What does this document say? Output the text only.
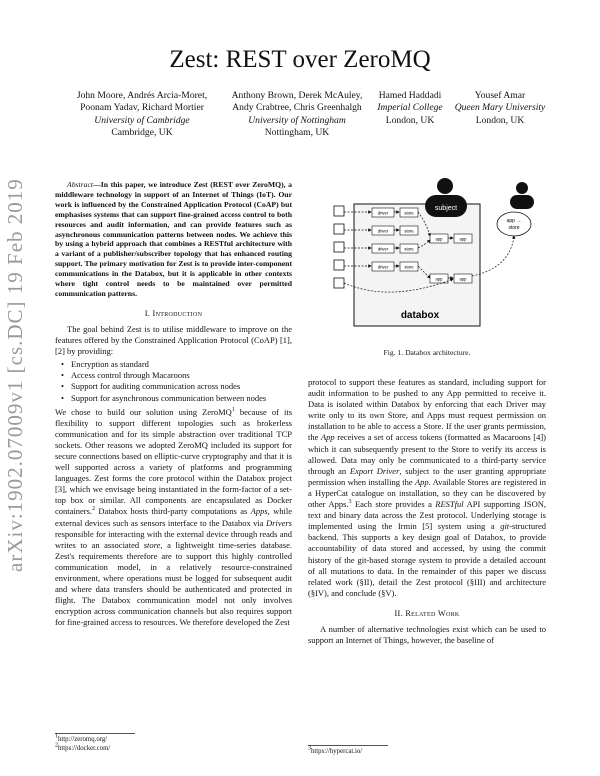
arXiv:1902.07009v1 [cs.DC] 19 Feb 2019
Zest: REST over ZeroMQ
John Moore, Andrés Arcia-Moret,
Poonam Yadav, Richard Mortier
University of Cambridge
Cambridge, UK
Anthony Brown, Derek McAuley,
Andy Crabtree, Chris Greenhalgh
University of Nottingham
Nottingham, UK
Hamed Haddadi
Imperial College
London, UK
Yousef Amar
Queen Mary University
London, UK

Abstract—In this paper, we introduce Zest (REST over ZeroMQ), a middleware technology in support of an Internet of Things (IoT). Our work is influenced by the Constrained Application Protocol (CoAP) but emphasises systems that can support fine-grained access control to both resources and audit information, and can provide features such as asynchronous communication patterns between nodes. We achieve this by using a hybrid approach that combines a RESTful architecture with a variant of a publisher/subscriber topology that has enhanced routing support. The primary motivation for Zest is to provide inter-component communications in the Databox, but it is applicable in other contexts where tight control needs to be maintained over permitted communication patterns.

I. Introduction

The goal behind Zest is to utilise middleware to improve on the features offered by the Constrained Application Protocol (CoAP) [1], [2] by providing:

• Encryption as standard
• Access control through Macaroons
• Support for auditing communication across nodes
• Support for asynchronous communication between nodes

We chose to build our solution using ZeroMQ$^1$ because of its flexibility to support different topologies such as brokerless communication and for its simple abstraction over traditional TCP sockets. Other reasons we adopted ZeroMQ included its support for secure connections based on elliptic-curve cryptography and that it is well supported across a variety of platforms and programming languages. Zest forms the core protocol within the Databox project [3], which we envisage being instantiated in the form-factor of a set-top box or similar. All components are encapsulated as Docker containers.$^2$ Databox hosts third-party computations as Apps, while external devices such as sensors interface to the Databox via Drivers responsible for interacting with the external device through reads and writes to an associated store, a lightweight time-series database. Zest's requirements therefore are to support this highly controlled communication model, in a relatively resource-constrained environment, where operations must be logged for subsequent audit and where data transfers should be authenticated and protected in flight. The Databox communication model not only involves encryption across communication channels but also requires support for fine-grained access to resources. We therefore developed the Zest

$^1$http://zeromq.org/
$^2$https://docker.com/
subject
app →
store
driver	store
driver	store
driver	store
driver	store
app	app
app	app
databox
Fig. 1. Databox architecture.

protocol to support these features as standard, including support for audit information to be pushed to any App permitted to receive it. Data is isolated within Databox by enforcing that each Driver may write only to its own Store, and Apps must request permission on installation to be able to access a Store. If the user grants permission, the App receives a set of access tokens (formatted as Macaroons [4]) which it can subsequently present to the Store to verify its access is allowed. Data may only be communicated to a third-party service through an Export Driver, subject to the user granting appropriate permission when installing the App. Available Stores are registered in a HyperCat catalogue on installation, so they can be discovered by other Apps.$^3$ Each store provides a RESTful API supporting JSON, text and binary data across the Zest protocol. Underlying storage is implemented using the Irmin [5] system using a git-structured backend. This supports a key design goal of Databox, to provide accountability of data stored and accessed, by using the commit history of the git-based storage system to provide a detailed account of all mutations to data. In the remainder of this paper we discuss related work (§II), detail the Zest protocol (§III) and architecture (§IV), and conclude (§V).

II. Related Work

A number of alternative technologies exist which can be used to support an Internet of Things, however, the baseline of

$^3$https://hypercat.io/
